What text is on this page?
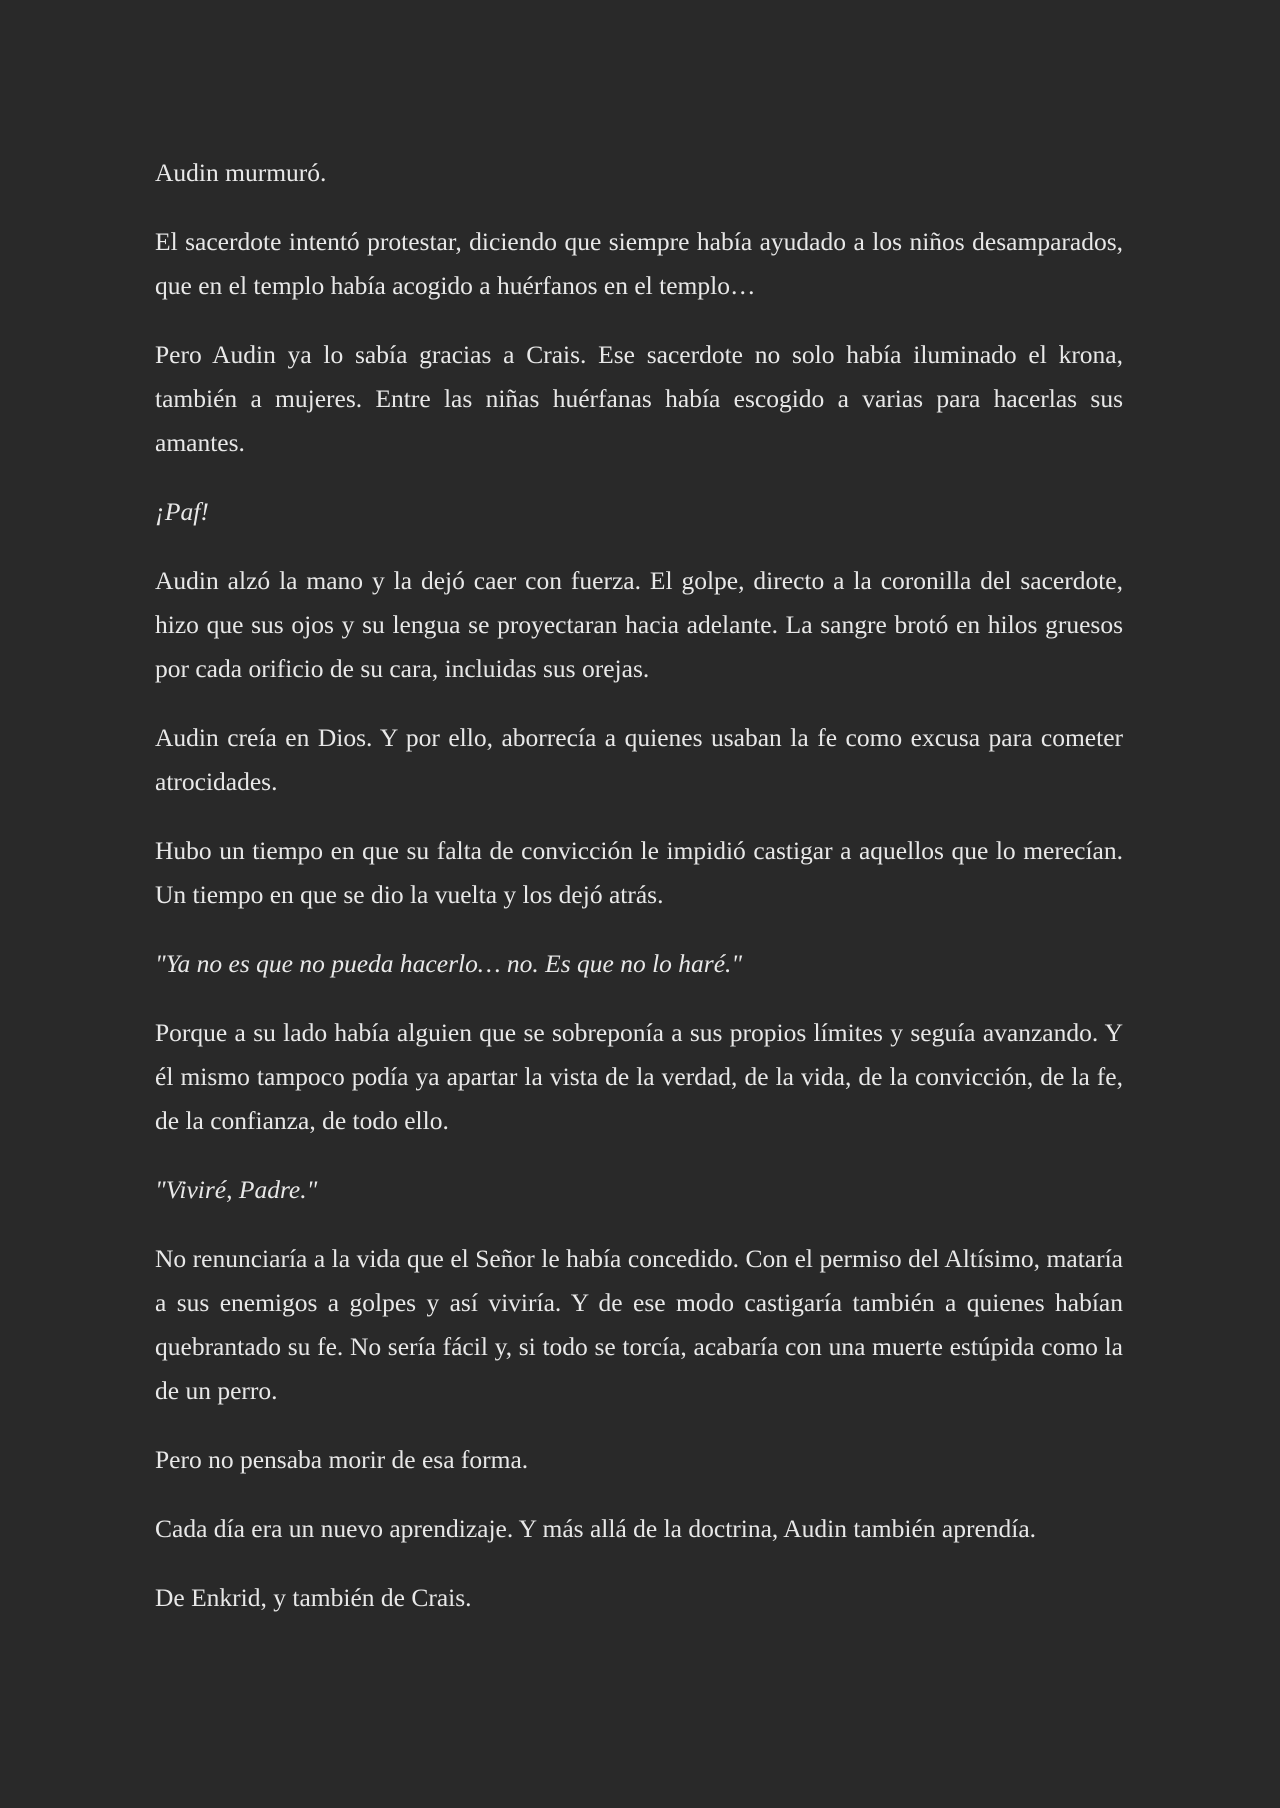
Audin murmuró.

El sacerdote intentó protestar, diciendo que siempre había ayudado a los niños desamparados, que en el templo había acogido a huérfanos en el templo…

Pero Audin ya lo sabía gracias a Crais. Ese sacerdote no solo había iluminado el krona, también a mujeres. Entre las niñas huérfanas había escogido a varias para hacerlas sus amantes.

¡Paf!

Audin alzó la mano y la dejó caer con fuerza. El golpe, directo a la coronilla del sacerdote, hizo que sus ojos y su lengua se proyectaran hacia adelante. La sangre brotó en hilos gruesos por cada orificio de su cara, incluidas sus orejas.

Audin creía en Dios. Y por ello, aborrecía a quienes usaban la fe como excusa para cometer atrocidades.

Hubo un tiempo en que su falta de convicción le impidió castigar a aquellos que lo merecían. Un tiempo en que se dio la vuelta y los dejó atrás.

"Ya no es que no pueda hacerlo… no. Es que no lo haré."

Porque a su lado había alguien que se sobreponía a sus propios límites y seguía avanzando. Y él mismo tampoco podía ya apartar la vista de la verdad, de la vida, de la convicción, de la fe, de la confianza, de todo ello.

"Viviré, Padre."

No renunciaría a la vida que el Señor le había concedido. Con el permiso del Altísimo, mataría a sus enemigos a golpes y así viviría. Y de ese modo castigaría también a quienes habían quebrantado su fe. No sería fácil y, si todo se torcía, acabaría con una muerte estúpida como la de un perro.

Pero no pensaba morir de esa forma.

Cada día era un nuevo aprendizaje. Y más allá de la doctrina, Audin también aprendía.

De Enkrid, y también de Crais.
